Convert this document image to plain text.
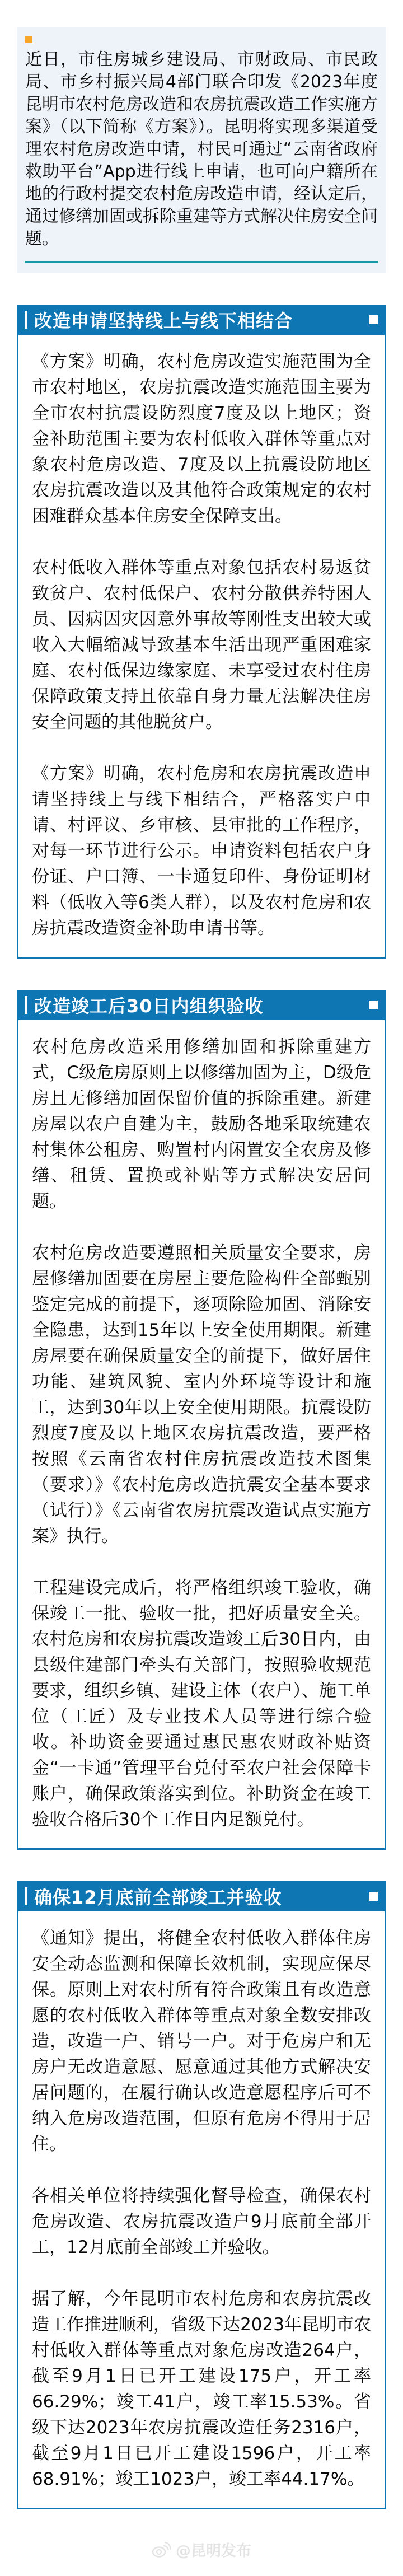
近日，市住房城乡建设局、市财政局、市民政局、市乡村振兴局4部门联合印发《2023年度昆明市农村危房改造和农房抗震改造工作实施方案》（以下简称《方案》）。昆明将实现多渠道受理农村危房改造申请，村民可通过“云南省政府救助平台”App进行线上申请，也可向户籍所在地的行政村提交农村危房改造申请，经认定后，通过修缮加固或拆除重建等方式解决住房安全问题。

改造申请坚持线上与线下相结合

《方案》明确，农村危房改造实施范围为全市农村地区，农房抗震改造实施范围主要为全市农村抗震设防烈度7度及以上地区；资金补助范围主要为农村低收入群体等重点对象农村危房改造、7度及以上抗震设防地区农房抗震改造以及其他符合政策规定的农村困难群众基本住房安全保障支出。

农村低收入群体等重点对象包括农村易返贫致贫户、农村低保户、农村分散供养特困人员、因病因灾因意外事故等刚性支出较大或收入大幅缩减导致基本生活出现严重困难家庭、农村低保边缘家庭、未享受过农村住房保障政策支持且依靠自身力量无法解决住房安全问题的其他脱贫户。

《方案》明确，农村危房和农房抗震改造申请坚持线上与线下相结合，严格落实户申请、村评议、乡审核、县审批的工作程序，对每一环节进行公示。申请资料包括农户身份证、户口簿、一卡通复印件、身份证明材料（低收入等6类人群），以及农村危房和农房抗震改造资金补助申请书等。

改造竣工后30日内组织验收

农村危房改造采用修缮加固和拆除重建方式，C级危房原则上以修缮加固为主，D级危房且无修缮加固保留价值的拆除重建。新建房屋以农户自建为主，鼓励各地采取统建农村集体公租房、购置村内闲置安全农房及修缮、租赁、置换或补贴等方式解决安居问题。

农村危房改造要遵照相关质量安全要求，房屋修缮加固要在房屋主要危险构件全部甄别鉴定完成的前提下，逐项除险加固、消除安全隐患，达到15年以上安全使用期限。新建房屋要在确保质量安全的前提下，做好居住功能、建筑风貌、室内外环境等设计和施工，达到30年以上安全使用期限。抗震设防烈度7度及以上地区农房抗震改造，要严格按照《云南省农村住房抗震改造技术图集（要求）》《农村危房改造抗震安全基本要求（试行）》《云南省农房抗震改造试点实施方案》执行。

工程建设完成后，将严格组织竣工验收，确保竣工一批、验收一批，把好质量安全关。农村危房和农房抗震改造竣工后30日内，由县级住建部门牵头有关部门，按照验收规范要求，组织乡镇、建设主体（农户）、施工单位（工匠）及专业技术人员等进行综合验收。补助资金要通过惠民惠农财政补贴资金“一卡通”管理平台兑付至农户社会保障卡账户，确保政策落实到位。补助资金在竣工验收合格后30个工作日内足额兑付。

确保12月底前全部竣工并验收

《通知》提出，将健全农村低收入群体住房安全动态监测和保障长效机制，实现应保尽保。原则上对农村所有符合政策且有改造意愿的农村低收入群体等重点对象全数安排改造，改造一户、销号一户。对于危房户和无房户无改造意愿、愿意通过其他方式解决安居问题的，在履行确认改造意愿程序后可不纳入危房改造范围，但原有危房不得用于居住。

各相关单位将持续强化督导检查，确保农村危房改造、农房抗震改造户9月底前全部开工，12月底前全部竣工并验收。

据了解，今年昆明市农村危房和农房抗震改造工作推进顺利，省级下达2023年昆明市农村低收入群体等重点对象危房改造264户，截至9月1日已开工建设175户，开工率66.29%；竣工41户，竣工率15.53%。省级下达2023年农房抗震改造任务2316户，截至9月1日已开工建设1596户，开工率68.91%；竣工1023户，竣工率44.17%。

@昆明发布
